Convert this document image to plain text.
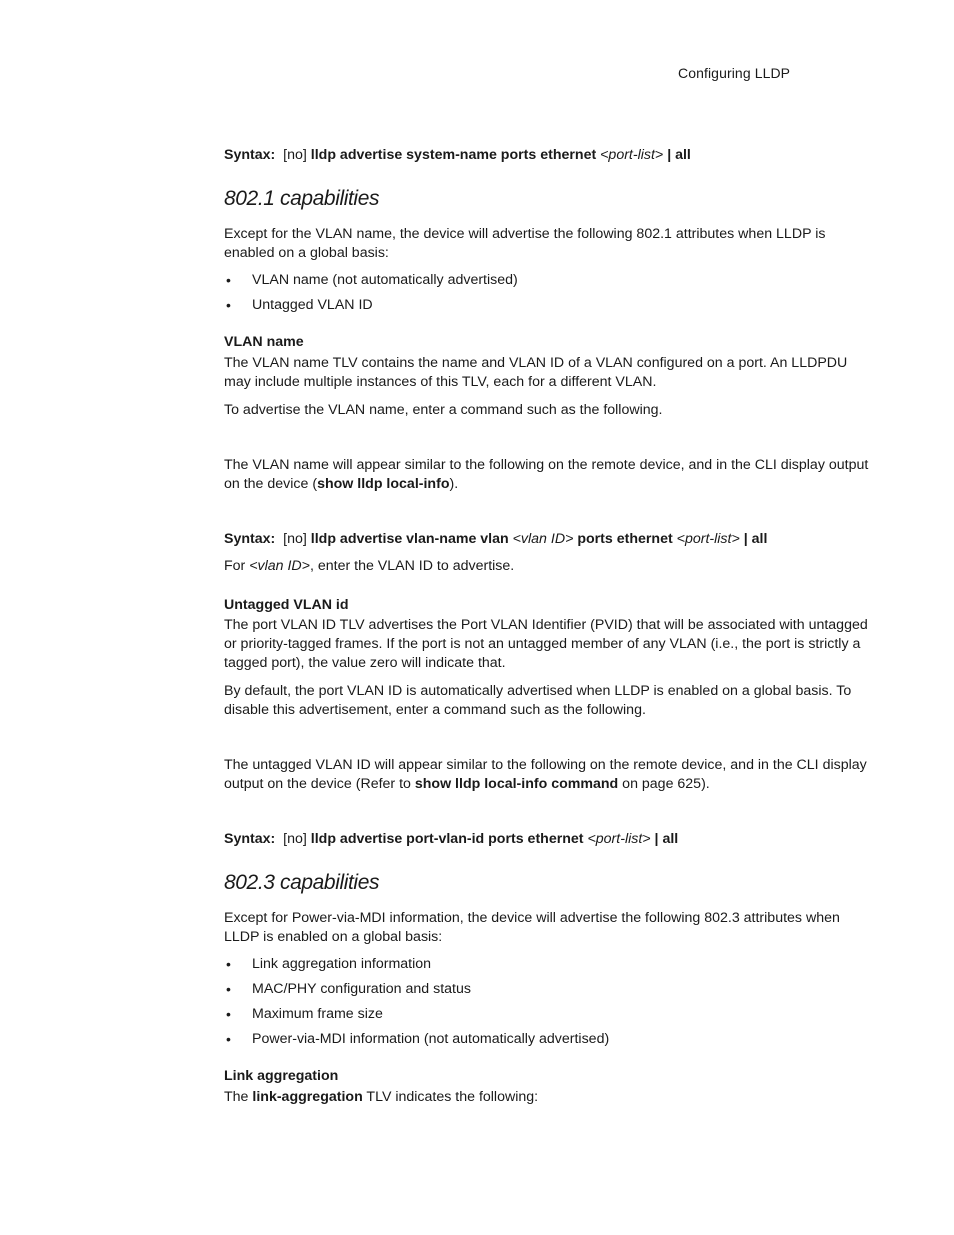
Configuring LLDP

Syntax: [no] lldp advertise system-name ports ethernet <port-list> | all

802.1 capabilities

Except for the VLAN name, the device will advertise the following 802.1 attributes when LLDP is enabled on a global basis:

• VLAN name (not automatically advertised)
• Untagged VLAN ID
VLAN name

The VLAN name TLV contains the name and VLAN ID of a VLAN configured on a port. An LLDPDU may include multiple instances of this TLV, each for a different VLAN.

To advertise the VLAN name, enter a command such as the following.

The VLAN name will appear similar to the following on the remote device, and in the CLI display output on the device (show lldp local-info).

Syntax: [no] lldp advertise vlan-name vlan <vlan ID> ports ethernet <port-list> | all

For <vlan ID>, enter the VLAN ID to advertise.

Untagged VLAN id

The port VLAN ID TLV advertises the Port VLAN Identifier (PVID) that will be associated with untagged or priority-tagged frames. If the port is not an untagged member of any VLAN (i.e., the port is strictly a tagged port), the value zero will indicate that.

By default, the port VLAN ID is automatically advertised when LLDP is enabled on a global basis. To disable this advertisement, enter a command such as the following.

The untagged VLAN ID will appear similar to the following on the remote device, and in the CLI display output on the device (Refer to show lldp local-info command on page 625).

Syntax: [no] lldp advertise port-vlan-id ports ethernet <port-list> | all

802.3 capabilities

Except for Power-via-MDI information, the device will advertise the following 802.3 attributes when LLDP is enabled on a global basis:

• Link aggregation information
• MAC/PHY configuration and status
• Maximum frame size
• Power-via-MDI information (not automatically advertised)
Link aggregation

The link-aggregation TLV indicates the following:
